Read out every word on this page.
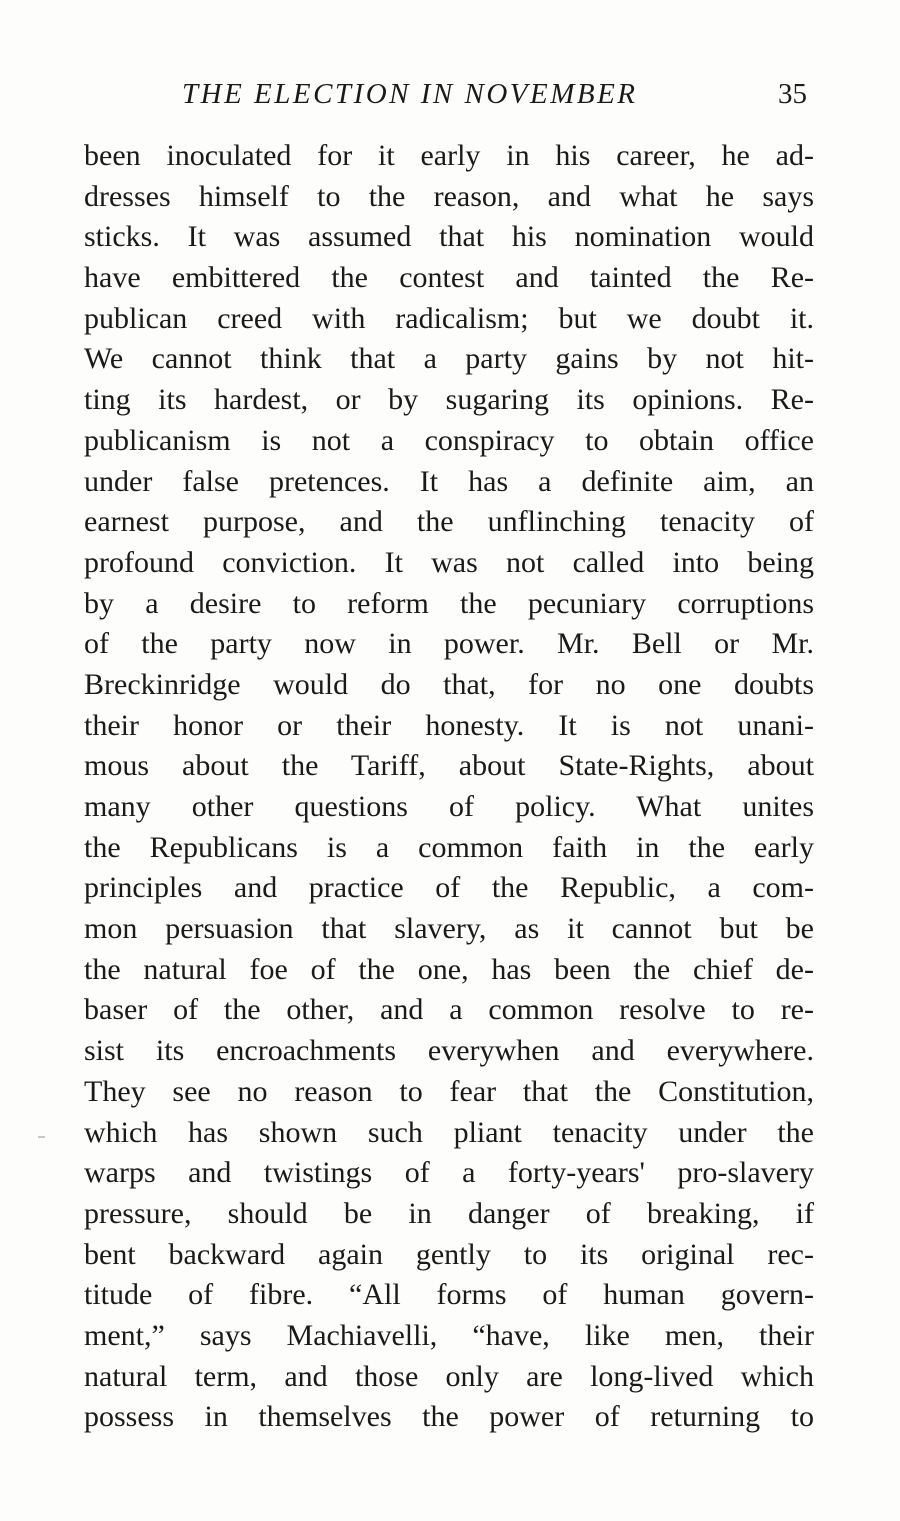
THE ELECTION IN NOVEMBER	35
been inoculated for it early in his career, he ad-
dresses himself to the reason, and what he says
sticks. It was assumed that his nomination would
have embittered the contest and tainted the Re-
publican creed with radicalism; but we doubt it.
We cannot think that a party gains by not hit-
ting its hardest, or by sugaring its opinions. Re-
publicanism is not a conspiracy to obtain office
under false pretences. It has a definite aim, an
earnest purpose, and the unflinching tenacity of
profound conviction. It was not called into being
by a desire to reform the pecuniary corruptions
of the party now in power. Mr. Bell or Mr.
Breckinridge would do that, for no one doubts
their honor or their honesty. It is not unani-
mous about the Tariff, about State-Rights, about
many other questions of policy. What unites
the Republicans is a common faith in the early
principles and practice of the Republic, a com-
mon persuasion that slavery, as it cannot but be
the natural foe of the one, has been the chief de-
baser of the other, and a common resolve to re-
sist its encroachments everywhen and everywhere.
They see no reason to fear that the Constitution,
which has shown such pliant tenacity under the
warps and twistings of a forty-years' pro-slavery
pressure, should be in danger of breaking, if
bent backward again gently to its original rec-
titude of fibre. “All forms of human govern-
ment,” says Machiavelli, “have, like men, their
natural term, and those only are long-lived which
possess in themselves the power of returning to
